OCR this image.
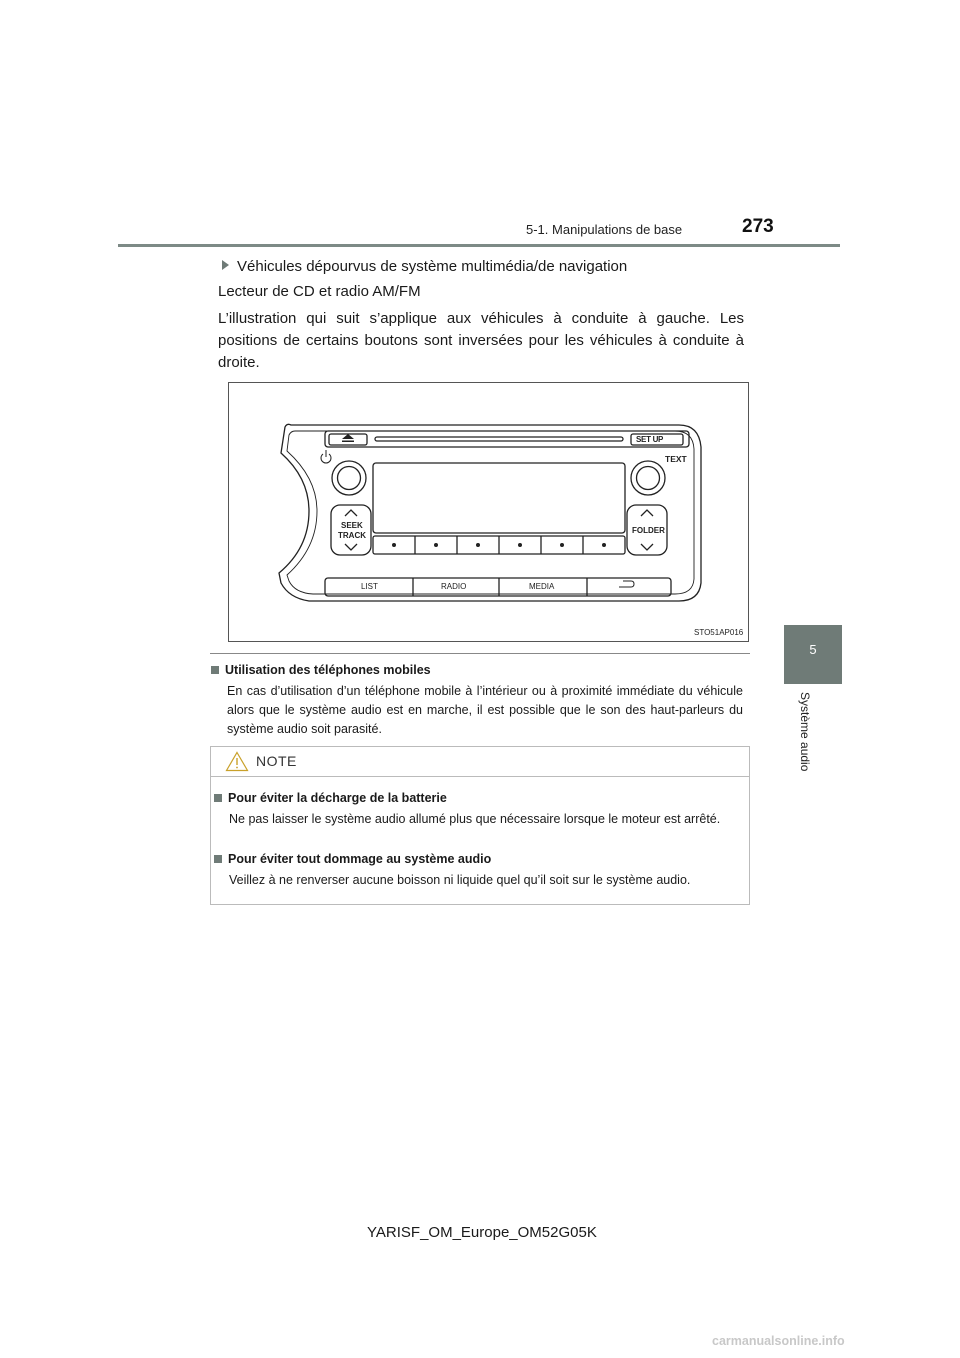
5-1. Manipulations de base	273
5
Système audio
Véhicules dépourvus de système multimédia/de navigation
Lecteur de CD et radio AM/FM
L’illustration qui suit s’applique aux véhicules à conduite à gauche. Les positions de certains boutons sont inversées pour les véhicules à conduite à droite.
SET UP
TEXT
SEEK
TRACK
FOLDER
LIST	RADIO	MEDIA
STO51AP016
Utilisation des téléphones mobiles
En cas d’utilisation d’un téléphone mobile à l’intérieur ou à proximité immédiate du véhicule alors que le système audio est en marche, il est possible que le son des haut-parleurs du système audio soit parasité.
NOTE
Pour éviter la décharge de la batterie
Ne pas laisser le système audio allumé plus que nécessaire lorsque le moteur est arrêté.
Pour éviter tout dommage au système audio
Veillez à ne renverser aucune boisson ni liquide quel qu’il soit sur le système audio.
YARISF_OM_Europe_OM52G05K
carmanualsonline.info
